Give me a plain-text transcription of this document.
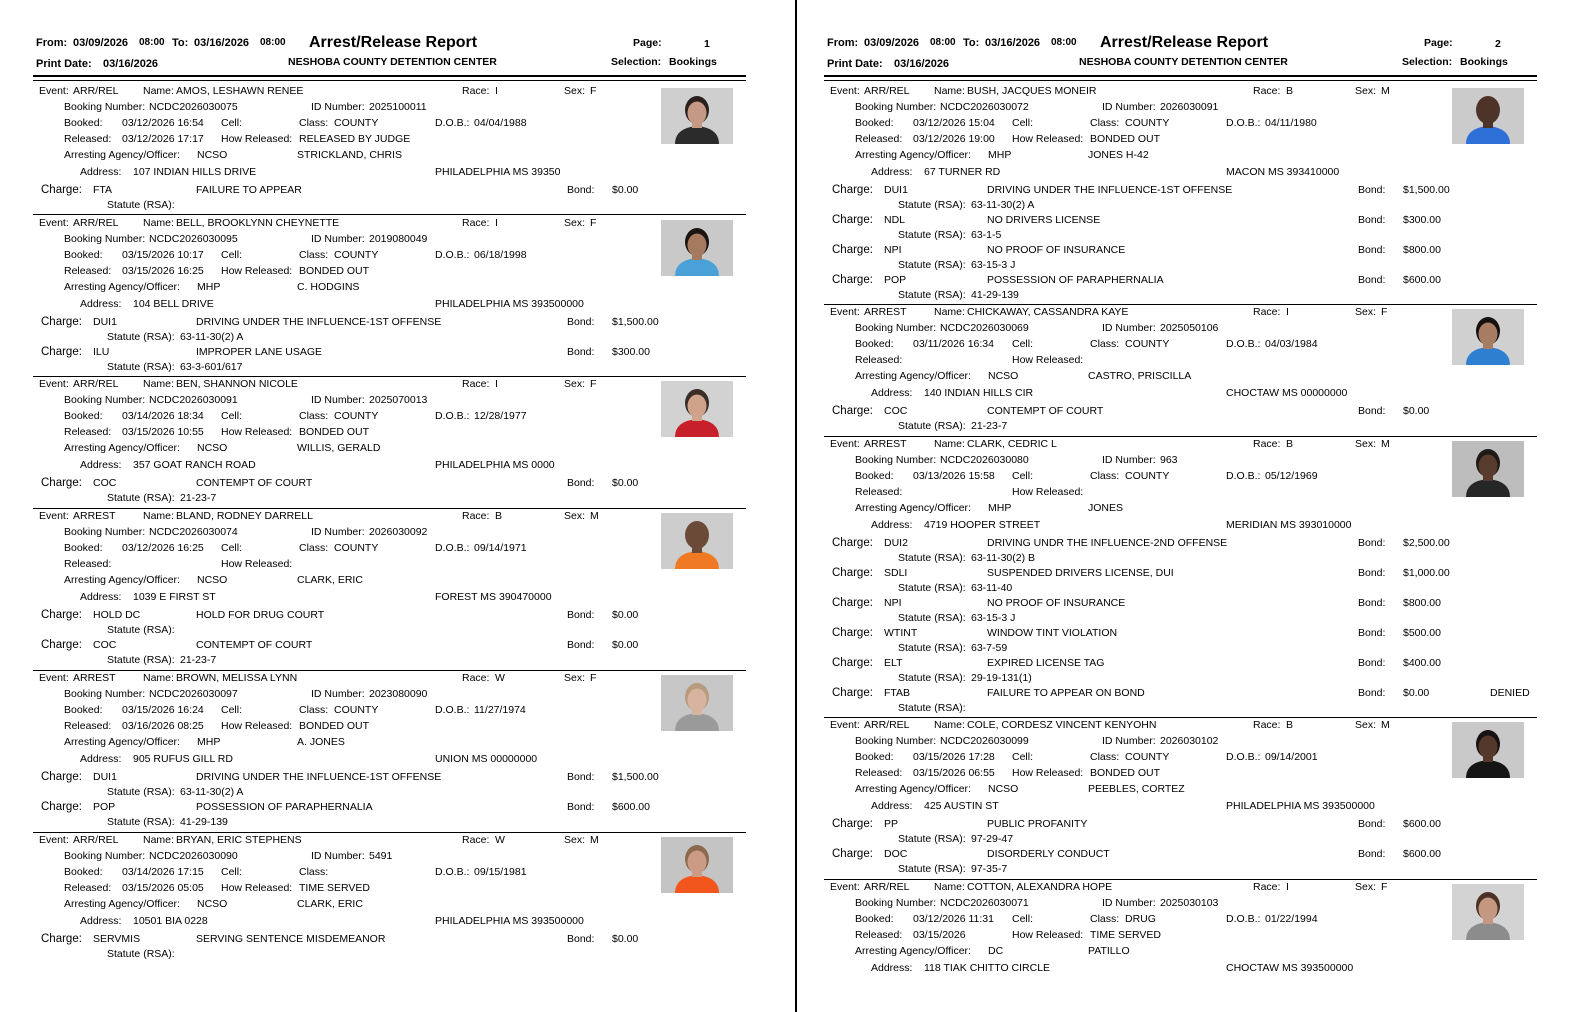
From: 03/09/2026 08:00 To: 03/16/2026 08:00 Arrest/Release Report
Print Date: 03/16/2026	NESHOBA COUNTY DETENTION CENTER
Page:	1
Selection: Bookings
Event: ARR/REL Name: AMOS, LESHAWN RENEE	Race: I	Sex: F
Booking Number: NCDC2026030075	ID Number: 2025100011
Booked: 03/12/2026 16:54 Cell:	Class: COUNTY	D.O.B.: 04/04/1988
Released: 03/12/2026 17:17 How Released: RELEASED BY JUDGE
Arresting Agency/Officer: NCSO	STRICKLAND, CHRIS
Address: 107 INDIAN HILLS DRIVE	PHILADELPHIA MS 39350
Charge: FTA	FAILURE TO APPEAR	Bond: $0.00
Statute (RSA):
Event: ARR/REL Name: BELL, BROOKLYNN CHEYNETTE	Race: I	Sex: F
Booking Number: NCDC2026030095	ID Number: 2019080049
Booked: 03/15/2026 10:17 Cell:	Class: COUNTY	D.O.B.: 06/18/1998
Released: 03/15/2026 16:25 How Released: BONDED OUT
Arresting Agency/Officer: MHP	C. HODGINS
Address: 104 BELL DRIVE	PHILADELPHIA MS 393500000
Charge: DUI1	DRIVING UNDER THE INFLUENCE-1ST OFFENSE	Bond: $1,500.00
Statute (RSA): 63-11-30(2) A
Charge: ILU	IMPROPER LANE USAGE	Bond: $300.00
Statute (RSA): 63-3-601/617
Event: ARR/REL Name: BEN, SHANNON NICOLE	Race: I	Sex: F
Booking Number: NCDC2026030091	ID Number: 2025070013
Booked: 03/14/2026 18:34 Cell:	Class: COUNTY	D.O.B.: 12/28/1977
Released: 03/15/2026 10:55 How Released: BONDED OUT
Arresting Agency/Officer: NCSO	WILLIS, GERALD
Address: 357 GOAT RANCH ROAD	PHILADELPHIA MS 0000
Charge: COC	CONTEMPT OF COURT	Bond: $0.00
Statute (RSA): 21-23-7
Event: ARREST	Name: BLAND, RODNEY DARRELL	Race: B	Sex: M
Booking Number: NCDC2026030074	ID Number: 2026030092
Booked: 03/12/2026 16:25 Cell:	Class: COUNTY	D.O.B.: 09/14/1971
Released:	How Released:
Arresting Agency/Officer: NCSO	CLARK, ERIC
Address: 1039 E FIRST ST	FOREST MS 390470000
Charge: HOLD DC	HOLD FOR DRUG COURT	Bond: $0.00
Statute (RSA):
Charge: COC	CONTEMPT OF COURT	Bond: $0.00
Statute (RSA): 21-23-7
Event: ARREST	Name: BROWN, MELISSA LYNN	Race: W	Sex: F
Booking Number: NCDC2026030097	ID Number: 2023080090
Booked: 03/15/2026 16:24 Cell:	Class: COUNTY	D.O.B.: 11/27/1974
Released: 03/16/2026 08:25 How Released: BONDED OUT
Arresting Agency/Officer: MHP	A. JONES
Address: 905 RUFUS GILL RD	UNION MS 00000000
Charge: DUI1	DRIVING UNDER THE INFLUENCE-1ST OFFENSE	Bond: $1,500.00
Statute (RSA): 63-11-30(2) A
Charge: POP	POSSESSION OF PARAPHERNALIA	Bond: $600.00
Statute (RSA): 41-29-139
Event: ARR/REL Name: BRYAN, ERIC STEPHENS	Race: W	Sex: M
Booking Number: NCDC2026030090	ID Number: 5491
Booked: 03/14/2026 17:15 Cell:	Class:	D.O.B.: 09/15/1981
Released: 03/15/2026 05:05 How Released: TIME SERVED
Arresting Agency/Officer: NCSO	CLARK, ERIC
Address: 10501 BIA 0228	PHILADELPHIA MS 393500000
Charge: SERVMIS	SERVING SENTENCE MISDEMEANOR	Bond: $0.00
Statute (RSA):
From: 03/09/2026 08:00 To: 03/16/2026 08:00 Arrest/Release Report
Print Date: 03/16/2026	NESHOBA COUNTY DETENTION CENTER
Page:	2
Selection: Bookings
Event: ARR/REL Name: BUSH, JACQUES MONEIR	Race: B	Sex: M
Booking Number: NCDC2026030072	ID Number: 2026030091
Booked: 03/12/2026 15:04 Cell:	Class: COUNTY	D.O.B.: 04/11/1980
Released: 03/12/2026 19:00 How Released: BONDED OUT
Arresting Agency/Officer: MHP	JONES H-42
Address: 67 TURNER RD	MACON MS 393410000
Charge: DUI1	DRIVING UNDER THE INFLUENCE-1ST OFFENSE	Bond: $1,500.00
Statute (RSA): 63-11-30(2) A
Charge: NDL	NO DRIVERS LICENSE	Bond: $300.00
Statute (RSA): 63-1-5
Charge: NPI	NO PROOF OF INSURANCE	Bond: $800.00
Statute (RSA): 63-15-3 J
Charge: POP	POSSESSION OF PARAPHERNALIA	Bond: $600.00
Statute (RSA): 41-29-139
Event: ARREST	Name: CHICKAWAY, CASSANDRA KAYE	Race: I	Sex: F
Booking Number: NCDC2026030069	ID Number: 2025050106
Booked: 03/11/2026 16:34 Cell:	Class: COUNTY	D.O.B.: 04/03/1984
Released:	How Released:
Arresting Agency/Officer: NCSO	CASTRO, PRISCILLA
Address: 140 INDIAN HILLS CIR	CHOCTAW MS 00000000
Charge: COC	CONTEMPT OF COURT	Bond: $0.00
Statute (RSA): 21-23-7
Event: ARREST	Name: CLARK, CEDRIC L	Race: B	Sex: M
Booking Number: NCDC2026030080	ID Number: 963
Booked: 03/13/2026 15:58 Cell:	Class: COUNTY	D.O.B.: 05/12/1969
Released:	How Released:
Arresting Agency/Officer: MHP	JONES
Address: 4719 HOOPER STREET	MERIDIAN MS 393010000
Charge: DUI2	DRIVING UNDR THE INFLUENCE-2ND OFFENSE	Bond: $2,500.00
Statute (RSA): 63-11-30(2) B
Charge: SDLI	SUSPENDED DRIVERS LICENSE, DUI	Bond: $1,000.00
Statute (RSA): 63-11-40
Charge: NPI	NO PROOF OF INSURANCE	Bond: $800.00
Statute (RSA): 63-15-3 J
Charge: WTINT	WINDOW TINT VIOLATION	Bond: $500.00
Statute (RSA): 63-7-59
Charge: ELT	EXPIRED LICENSE TAG	Bond: $400.00
Statute (RSA): 29-19-131(1)
Charge: FTAB	FAILURE TO APPEAR ON BOND	Bond: $0.00	DENIED
Statute (RSA):
Event: ARR/REL Name: COLE, CORDESZ VINCENT KENYOHN	Race: B	Sex: M
Booking Number: NCDC2026030099	ID Number: 2026030102
Booked: 03/15/2026 17:28 Cell:	Class: COUNTY	D.O.B.: 09/14/2001
Released: 03/15/2026 06:55 How Released: BONDED OUT
Arresting Agency/Officer: NCSO	PEEBLES, CORTEZ
Address: 425 AUSTIN ST	PHILADELPHIA MS 393500000
Charge: PP	PUBLIC PROFANITY	Bond: $600.00
Statute (RSA): 97-29-47
Charge: DOC	DISORDERLY CONDUCT	Bond: $600.00
Statute (RSA): 97-35-7
Event: ARR/REL Name: COTTON, ALEXANDRA HOPE	Race: I	Sex: F
Booking Number: NCDC2026030071	ID Number: 2025030103
Booked: 03/12/2026 11:31 Cell:	Class: DRUG	D.O.B.: 01/22/1994
Released: 03/15/2026	How Released: TIME SERVED
Arresting Agency/Officer: DC	PATILLO
Address: 118 TIAK CHITTO CIRCLE	CHOCTAW MS 393500000
